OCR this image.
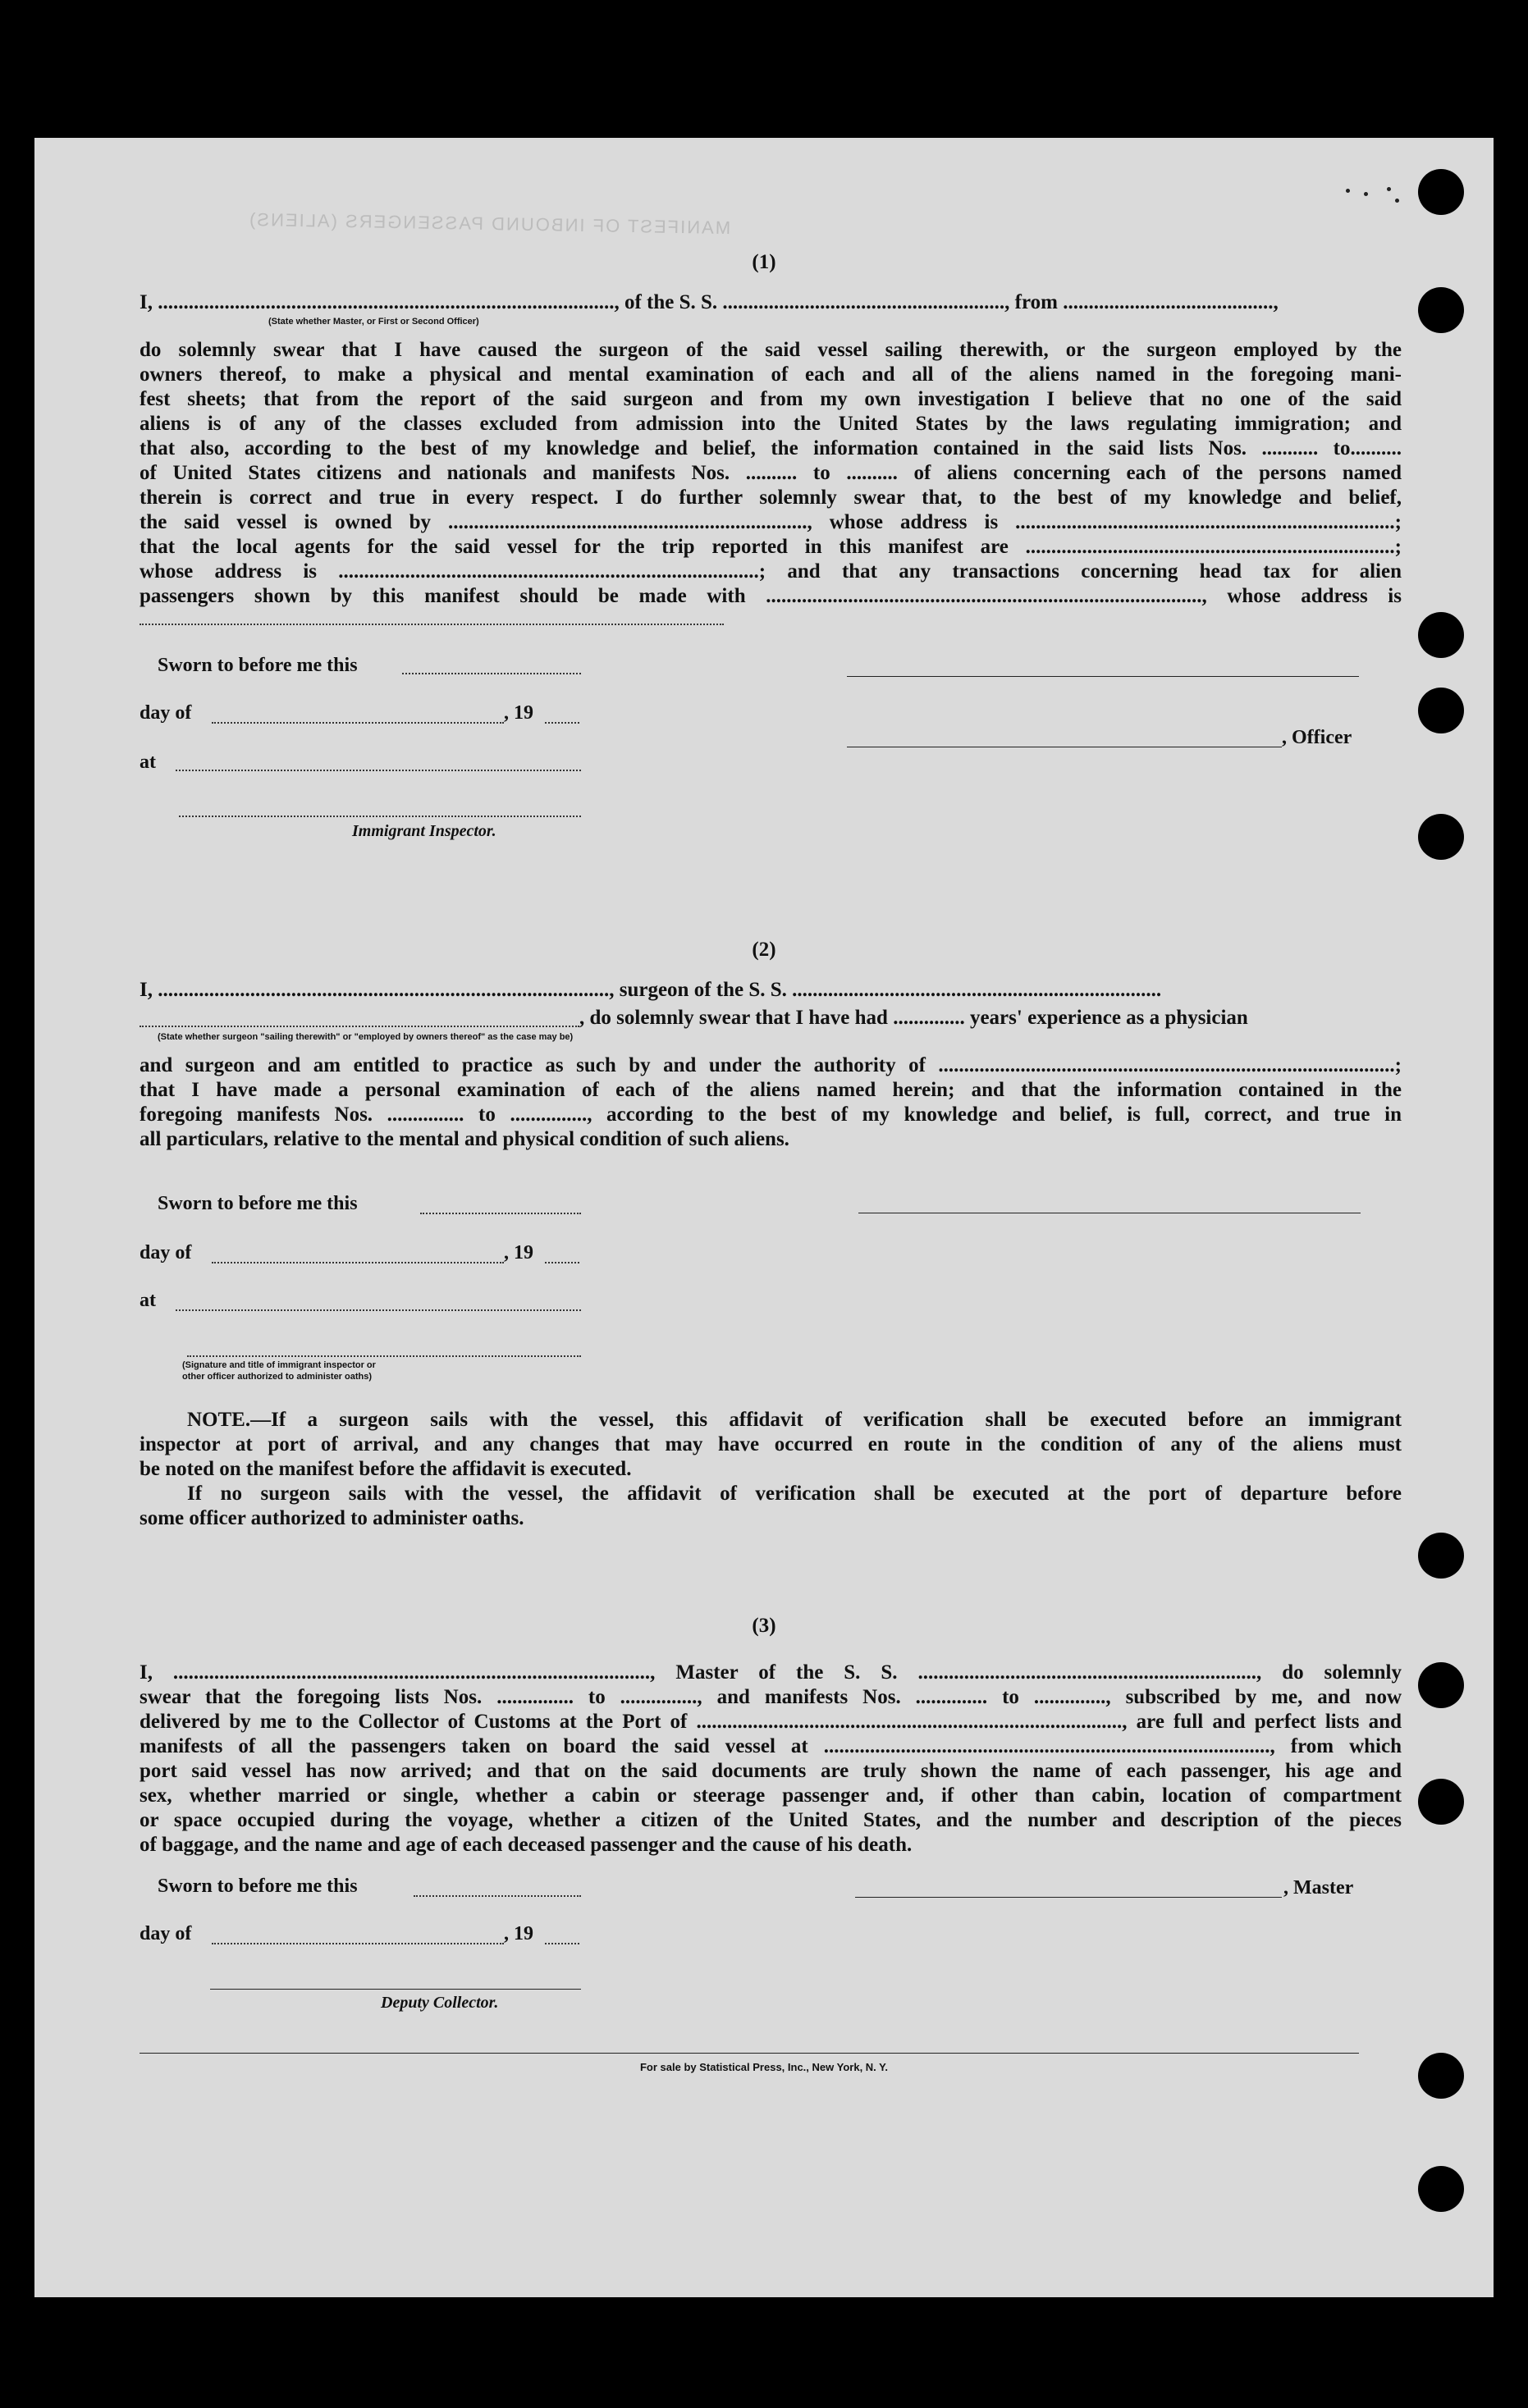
MANIFEST OF INBOUND PASSENGERS (ALIENS)
(1)
I, ........................................................................................., of the S. S. ......................................................., from .........................................,
(State whether Master, or First or Second Officer)
do solemnly swear that I have caused the surgeon of the said vessel sailing therewith, or the surgeon employed by the
owners thereof, to make a physical and mental examination of each and all of the aliens named in the foregoing mani-
fest sheets; that from the report of the said surgeon and from my own investigation I believe that no one of the said
aliens is of any of the classes excluded from admission into the United States by the laws regulating immigration; and
that also, according to the best of my knowledge and belief, the information contained in the said lists Nos. ........... to..........
of United States citizens and nationals and manifests Nos. .......... to .......... of aliens concerning each of the persons named
therein is correct and true in every respect. I do further solemnly swear that, to the best of my knowledge and belief,
the said vessel is owned by ......................................................................, whose address is ..........................................................................;
that the local agents for the said vessel for the trip reported in this manifest are ........................................................................;
whose address is ..................................................................................; and that any transactions concerning head tax for alien
passengers shown by this manifest should be made with ....................................................................................., whose address is
Sworn to before me this
day of	, 19
, Officer
at
Immigrant Inspector.
(2)
I, ........................................................................................, surgeon of the S. S. ........................................................................
, do solemnly swear that I have had .............. years' experience as a physician
(State whether surgeon "sailing therewith" or "employed by owners thereof" as the case may be)
and surgeon and am entitled to practice as such by and under the authority of .........................................................................................;
that I have made a personal examination of each of the aliens named herein; and that the information contained in the
foregoing manifests Nos. ............... to ..............., according to the best of my knowledge and belief, is full, correct, and true in
all particulars, relative to the mental and physical condition of such aliens.
Sworn to before me this
day of	, 19
at
(Signature and title of immigrant inspector or
other officer authorized to administer oaths)
NOTE.—If a surgeon sails with the vessel, this affidavit of verification shall be executed before an immigrant
inspector at port of arrival, and any changes that may have occurred en route in the condition of any of the aliens must
be noted on the manifest before the affidavit is executed.
If no surgeon sails with the vessel, the affidavit of verification shall be executed at the port of departure before
some officer authorized to administer oaths.
(3)
I, ............................................................................................., Master of the S. S. .................................................................., do solemnly
swear that the foregoing lists Nos. ............... to ..............., and manifests Nos. .............. to .............., subscribed by me, and now
delivered by me to the Collector of Customs at the Port of ..................................................................................., are full and perfect lists and
manifests of all the passengers taken on board the said vessel at ......................................................................................., from which
port said vessel has now arrived; and that on the said documents are truly shown the name of each passenger, his age and
sex, whether married or single, whether a cabin or steerage passenger and, if other than cabin, location of compartment
or space occupied during the voyage, whether a citizen of the United States, and the number and description of the pieces
of baggage, and the name and age of each deceased passenger and the cause of his death.
Sworn to before me this	, Master
day of	, 19
Deputy Collector.
For sale by Statistical Press, Inc., New York, N. Y.
